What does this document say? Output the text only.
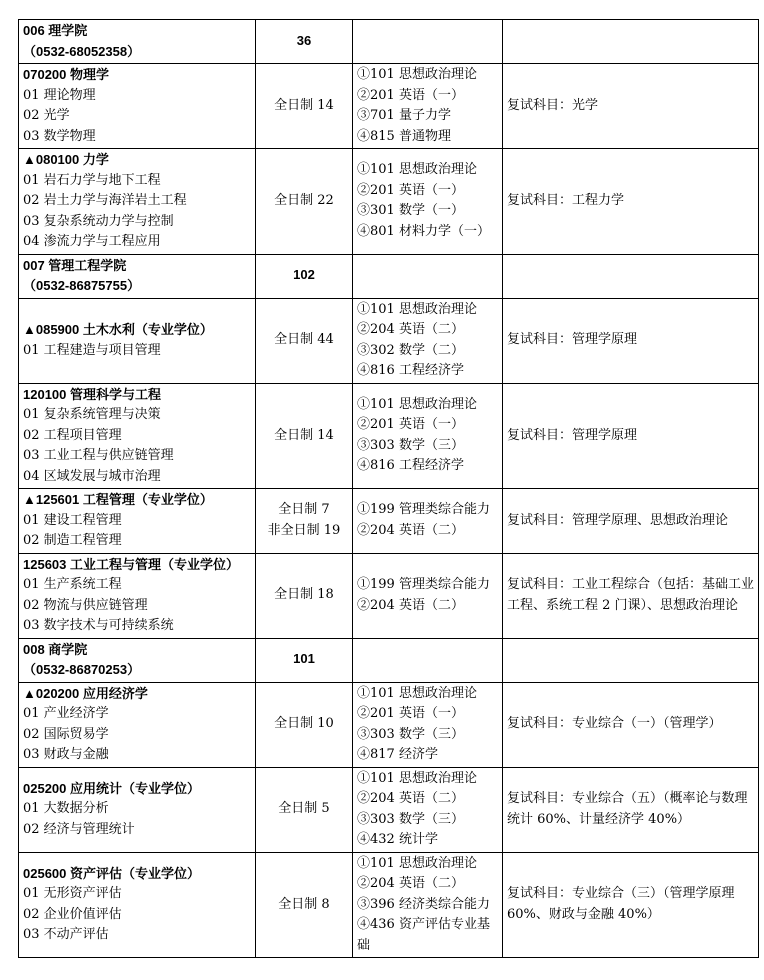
006 理学院
（0532-68052358）	36		

070200 物理学
01 理论物理
02 光学
03 数学物理	全日制 14	①101 思想政治理论
②201 英语（一）
③701 量子力学
④815 普通物理	复试科目：光学

▲080100 力学
01 岩石力学与地下工程
02 岩土力学与海洋岩土工程
03 复杂系统动力学与控制
04 渗流力学与工程应用	全日制 22	①101 思想政治理论
②201 英语（一）
③301 数学（一）
④801 材料力学（一）	复试科目：工程力学

007 管理工程学院
（0532-86875755）	102		

▲085900 土木水利（专业学位）
01 工程建造与项目管理	全日制 44	①101 思想政治理论
②204 英语（二）
③302 数学（二）
④816 工程经济学	复试科目：管理学原理

120100 管理科学与工程
01 复杂系统管理与决策
02 工程项目管理
03 工业工程与供应链管理
04 区域发展与城市治理	全日制 14	①101 思想政治理论
②201 英语（一）
③303 数学（三）
④816 工程经济学	复试科目：管理学原理

▲125601 工程管理（专业学位）
01 建设工程管理
02 制造工程管理	全日制 7
非全日制 19	①199 管理类综合能力
②204 英语（二）	复试科目：管理学原理、思想政治理论

125603 工业工程与管理（专业学位）
01 生产系统工程
02 物流与供应链管理
03 数字技术与可持续系统	全日制 18	①199 管理类综合能力
②204 英语（二）	复试科目：工业工程综合（包括：基础工业工程、系统工程 2 门课）、思想政治理论

008 商学院
（0532-86870253）	101		

▲020200 应用经济学
01 产业经济学
02 国际贸易学
03 财政与金融	全日制 10	①101 思想政治理论
②201 英语（一）
③303 数学（三）
④817 经济学	复试科目：专业综合（一）（管理学）

025200 应用统计（专业学位）
01 大数据分析
02 经济与管理统计	全日制 5	①101 思想政治理论
②204 英语（二）
③303 数学（三）
④432 统计学	复试科目：专业综合（五）（概率论与数理统计 60%、计量经济学 40%）

025600 资产评估（专业学位）
01 无形资产评估
02 企业价值评估
03 不动产评估	全日制 8	①101 思想政治理论
②204 英语（二）
③396 经济类综合能力
④436 资产评估专业基础	复试科目：专业综合（三）（管理学原理 60%、财政与金融 40%）
